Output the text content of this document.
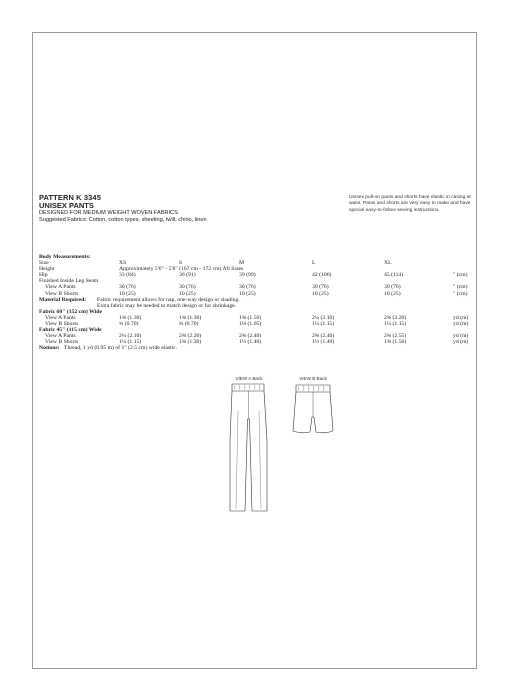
PATTERN K 3345
UNISEX PANTS
DESIGNED FOR MEDIUM WEIGHT WOVEN FABRICS
Suggested Fabrics: Cotton, cotton types, sheeting, twill, chino, linen
Unisex pull-on pants and shorts have elastic in casing at waist. Pants and shorts are very easy to make and have special easy-to-follow sewing instructions.
Body Measurements:
Size	XS	S	M	L	XL
Height	Approximately 5'6" - 5'8" (167 cm - 172 cm) All Sizes
Hip	33 (84)	36 (91)	39 (99)	42 (106)	45 (114)	" (cm)
Finished Inside Leg Seam
View A Pants	30 (76)	30 (76)	30 (76)	30 (76)	30 (76)	" (cm)
View B Shorts	10 (25)	10 (25)	10 (25)	10 (25)	10 (25)	" (cm)
Material Required: Fabric requirement allows for nap, one-way design or shading.
Extra fabric may be needed to match design or for shrinkage.
Fabric 60" (152 cm) Wide
View A Pants	1⅜ (1.30)	1⅜ (1.30)	1⅝ (1.50)	2¼ (2.10)	2⅜ (2.20)	yd (m)
View B Shorts	¾ (0.70)	¾ (0.70)	1⅛ (1.05)	1¼ (1.15)	1¼ (1.15)	yd (m)
Fabric 45" (115 cm) Wide
View A Pants	2¼ (2.10)	2⅜ (2.20)	2⅝ (2.40)	2⅝ (2.40)	2¾ (2.55)	yd (m)
View B Shorts	1¼ (1.15)	1⅜ (1.30)	1½ (1.40)	1½ (1.40)	1⅝ (1.50)	yd (m)
Notions: Thread, 1 yd (0.95 m) of 1" (2.5 cm) wide elastic.
VIEW A Back	VIEW B Back
